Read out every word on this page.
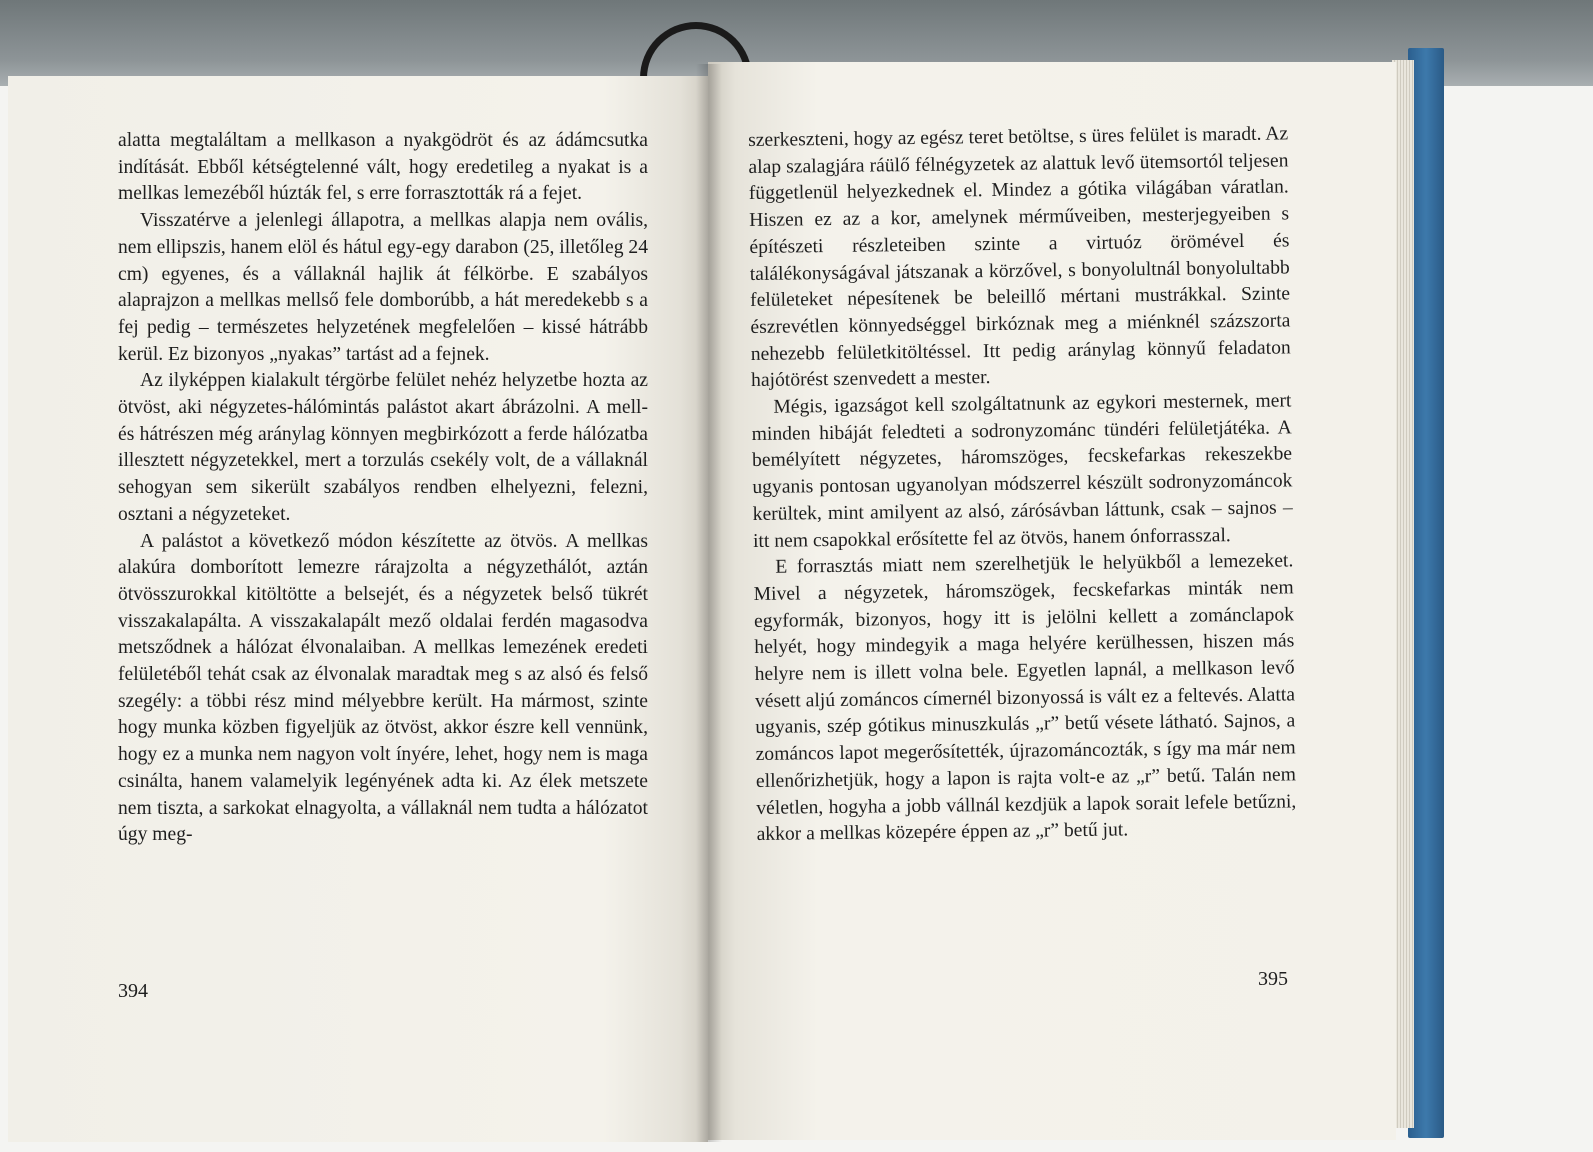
alatta megtaláltam a mellkason a nyakgödröt és az ádámcsutka indítását. Ebből kétségtelenné vált, hogy eredetileg a nyakat is a mellkas lemezéből húzták fel, s erre forrasztották rá a fejet.

Visszatérve a jelenlegi állapotra, a mellkas alapja nem ovális, nem ellipszis, hanem elöl és hátul egy-egy darabon (25, illetőleg 24 cm) egyenes, és a vállaknál hajlik át félkörbe. E szabályos alaprajzon a mellkas mellső fele domborúbb, a hát meredekebb s a fej pedig – természetes helyzetének megfelelően – kissé hátrább kerül. Ez bizonyos „nyakas” tartást ad a fejnek.

Az ilyképpen kialakult térgörbe felület nehéz helyzetbe hozta az ötvöst, aki négyzetes-hálómintás palástot akart ábrázolni. A mell- és hátrészen még aránylag könnyen megbirkózott a ferde hálózatba illesztett négyzetekkel, mert a torzulás csekély volt, de a vállaknál sehogyan sem sikerült szabályos rendben elhelyezni, felezni, osztani a négyzeteket.

A palástot a következő módon készítette az ötvös. A mellkas alakúra domborított lemezre rárajzolta a négyzethálót, aztán ötvösszurokkal kitöltötte a belsejét, és a négyzetek belső tükrét visszakalapálta. A visszakalapált mező oldalai ferdén magasodva metsződnek a hálózat élvonalaiban. A mellkas lemezének eredeti felületéből tehát csak az élvonalak maradtak meg s az alsó és felső szegély: a többi rész mind mélyebbre került. Ha mármost, szinte hogy munka közben figyeljük az ötvöst, akkor észre kell vennünk, hogy ez a munka nem nagyon volt ínyére, lehet, hogy nem is maga csinálta, hanem valamelyik legényének adta ki. Az élek metszete nem tiszta, a sarkokat elnagyolta, a vállaknál nem tudta a hálózatot úgy meg-

394

szerkeszteni, hogy az egész teret betöltse, s üres felület is maradt. Az alap szalagjára ráülő félnégyzetek az alattuk levő ütemsortól teljesen függetlenül helyezkednek el. Mindez a gótika világában váratlan. Hiszen ez az a kor, amelynek mérműveiben, mesterjegyeiben s építészeti részleteiben szinte a virtuóz örömével és találékonyságával játszanak a körzővel, s bonyolultnál bonyolultabb felületeket népesítenek be beleillő mértani mustrákkal. Szinte észrevétlen könnyedséggel birkóznak meg a miénknél százszorta nehezebb felületkitöltéssel. Itt pedig aránylag könnyű feladaton hajótörést szenvedett a mester.

Mégis, igazságot kell szolgáltatnunk az egykori mesternek, mert minden hibáját feledteti a sodronyzománc tündéri felületjátéka. A bemélyített négyzetes, háromszöges, fecskefarkas rekeszekbe ugyanis pontosan ugyanolyan módszerrel készült sodronyzománcok kerültek, mint amilyent az alsó, zárósávban láttunk, csak – sajnos – itt nem csapokkal erősítette fel az ötvös, hanem ónforrasszal.

E forrasztás miatt nem szerelhetjük le helyükből a lemezeket. Mivel a négyzetek, háromszögek, fecskefarkas minták nem egyformák, bizonyos, hogy itt is jelölni kellett a zománclapok helyét, hogy mindegyik a maga helyére kerülhessen, hiszen más helyre nem is illett volna bele. Egyetlen lapnál, a mellkason levő vésett aljú zománcos címernél bizonyossá is vált ez a feltevés. Alatta ugyanis, szép gótikus minuszkulás „r” betű vésete látható. Sajnos, a zománcos lapot megerősítették, újrazománcozták, s így ma már nem ellenőrizhetjük, hogy a lapon is rajta volt-e az „r” betű. Talán nem véletlen, hogyha a jobb vállnál kezdjük a lapok sorait lefele betűzni, akkor a mellkas közepére éppen az „r” betű jut.

395
